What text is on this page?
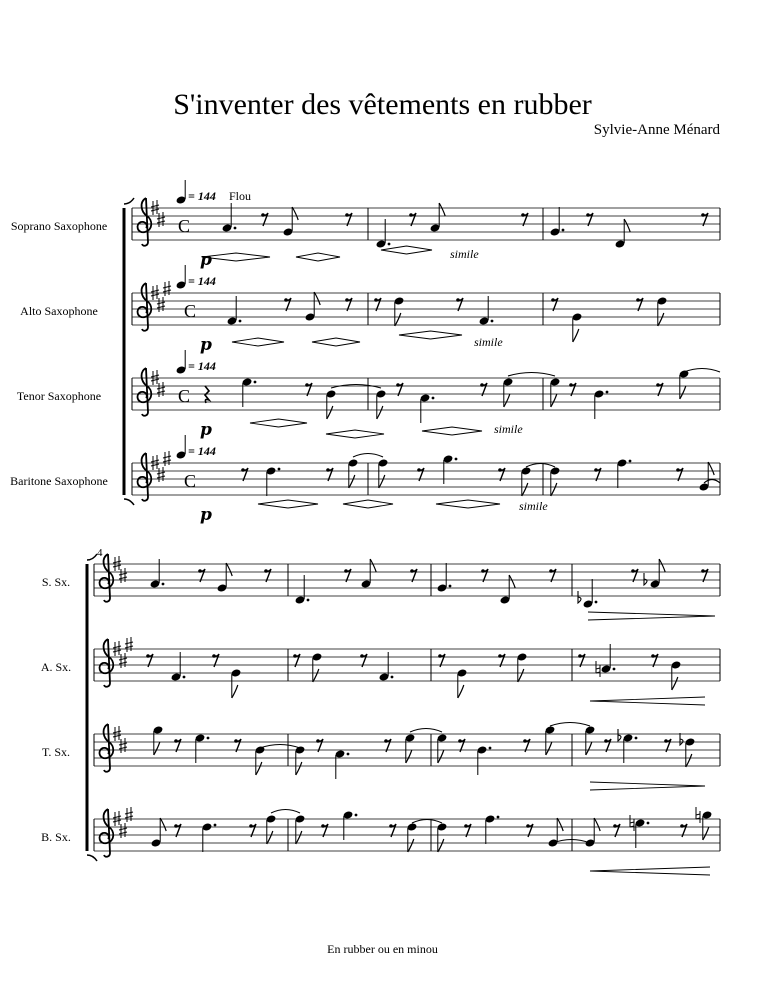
S'inventer des vêtements en rubber
Sylvie-Anne Ménard
Soprano Saxophone
Alto Saxophone
Tenor Saxophone
Baritone Saxophone
S. Sx.
A. Sx.
T. Sx.
B. Sx.
C
= 144
p
C
= 144
p
C
= 144
p
C
= 144
p
Flou
simile
simile
simile
simile
4
En rubber ou en minou
